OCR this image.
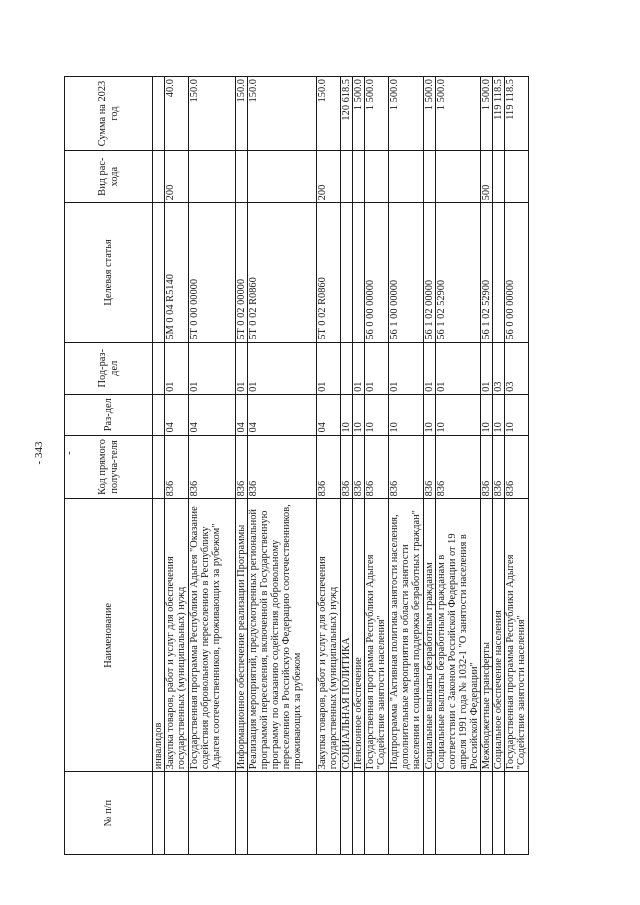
- 343 -
№ п/п	Наименование	Код прямого получа-теля	Раз-дел	Под-раз-дел	Целевая статья	Вид рас-хода	Сумма на 2023 год
	инвалидов						
	Закупка товаров, работ и услуг для обеспечения государственных (муниципальных) нужд	836	04	01	5M 0 04 R5140	200	40.0
	Государственная программа Республики Адыгея "Оказание содействия добровольному переселению в Республику Адыгея соотечественников, проживающих за рубежом"	836	04	01	5T 0 00 00000		150.0
	Информационное обеспечение реализации Программы	836	04	01	5T 0 02 00000		150.0
	Реализация мероприятий, предусмотренных региональной программой переселения, включенной в Государственную программу по оказанию содействия добровольному переселению в Российскую Федерацию соотечественников, проживающих за рубежом	836	04	01	5T 0 02 R0860		150.0
	Закупка товаров, работ и услуг для обеспечения государственных (муниципальных) нужд	836	04	01	5T 0 02 R0860	200	150.0
	СОЦИАЛЬНАЯ ПОЛИТИКА	836	10				120 618.5
	Пенсионное обеспечение	836	10	01			1 500.0
	Государственная программа Республики Адыгея "Содействие занятости населения"	836	10	01	56 0 00 00000		1 500.0
	Подпрограмма "Активная политика занятости населения, дополнительные мероприятия в области занятости населения и социальная поддержка безработных граждан"	836	10	01	56 1 00 00000		1 500.0
	Социальные выплаты безработным гражданам	836	10	01	56 1 02 00000		1 500.0
	Социальные выплаты безработным гражданам в соответствии с Законом Российской Федерации от 19 апреля 1991 года № 1032-1 "О занятости населения в Российской Федерации"	836	10	01	56 1 02 52900		1 500.0
	Межбюджетные трансферты	836	10	01	56 1 02 52900	500	1 500.0
	Социальное обеспечение населения	836	10	03			119 118.5
	Государственная программа Республики Адыгея "Содействие занятости населения"	836	10	03	56 0 00 00000		119 118.5
